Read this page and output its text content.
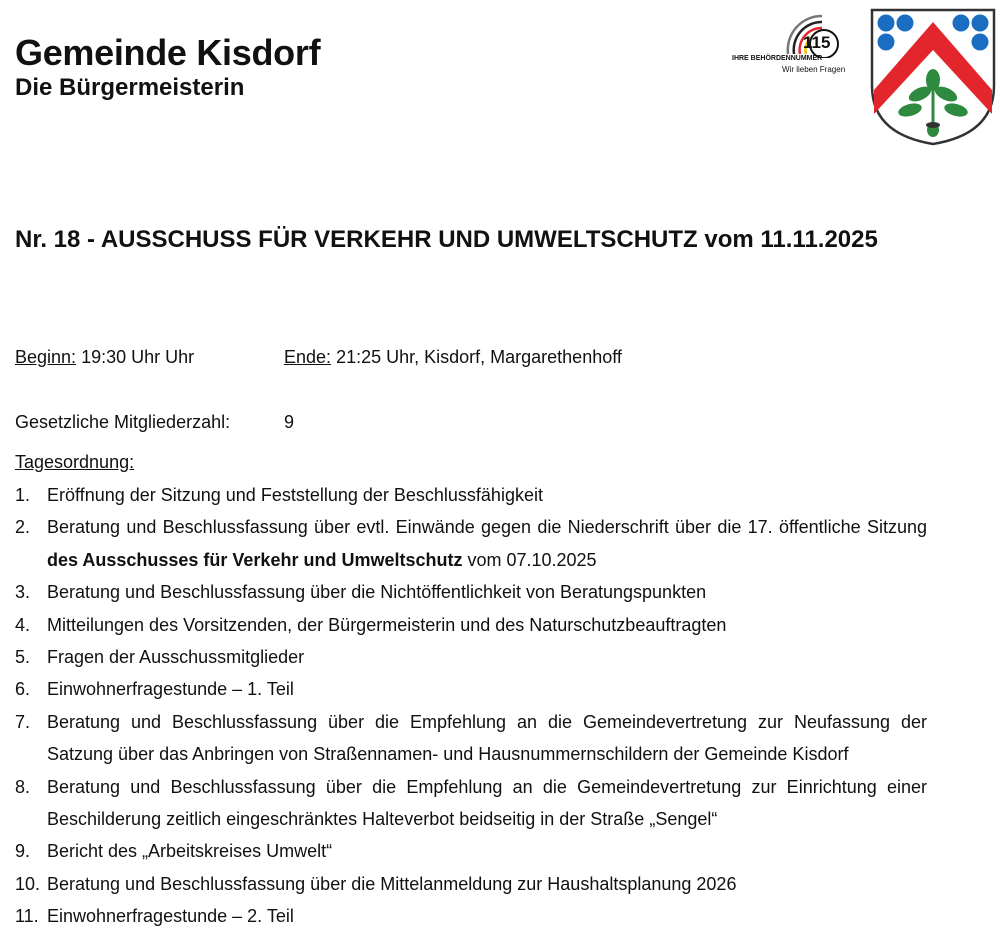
Gemeinde Kisdorf
Die Bürgermeisterin
115
IHRE BEHÖRDENNUMMER
Wir lieben Fragen
Nr. 18 - AUSSCHUSS FÜR VERKEHR UND UMWELTSCHUTZ vom 11.11.2025
Beginn: 19:30 Uhr Uhr	Ende: 21:25 Uhr, Kisdorf, Margarethenhoff
Gesetzliche Mitgliederzahl:	9
Tagesordnung:
1. Eröffnung der Sitzung und Feststellung der Beschlussfähigkeit
2. Beratung und Beschlussfassung über evtl. Einwände gegen die Niederschrift über die 17. öffentliche Sitzung des Ausschusses für Verkehr und Umweltschutz vom 07.10.2025
3. Beratung und Beschlussfassung über die Nichtöffentlichkeit von Beratungspunkten
4. Mitteilungen des Vorsitzenden, der Bürgermeisterin und des Naturschutzbeauftragten
5. Fragen der Ausschussmitglieder
6. Einwohnerfragestunde – 1. Teil
7. Beratung und Beschlussfassung über die Empfehlung an die Gemeindevertretung zur Neufassung der Satzung über das Anbringen von Straßennamen- und Hausnummernschildern der Gemeinde Kisdorf
8. Beratung und Beschlussfassung über die Empfehlung an die Gemeindevertretung zur Einrichtung einer Beschilderung zeitlich eingeschränktes Halteverbot beidseitig in der Straße „Sengel“
9. Bericht des „Arbeitskreises Umwelt“
10. Beratung und Beschlussfassung über die Mittelanmeldung zur Haushaltsplanung 2026
11. Einwohnerfragestunde – 2. Teil
